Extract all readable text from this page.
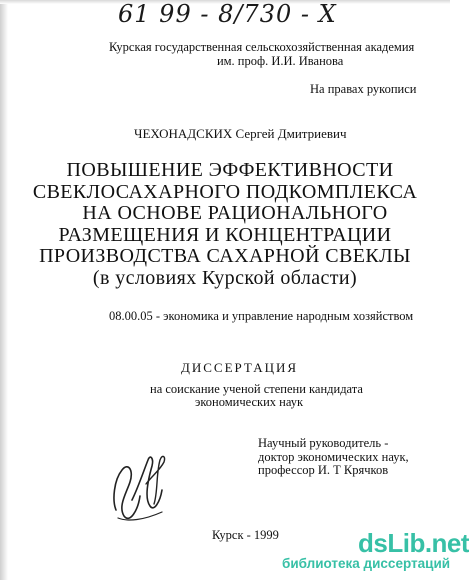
61 99 - 8/730 - X
Курская государственная сельскохозяйственная академия
им. проф. И.И. Иванова
На правах рукописи
ЧЕХОНАДСКИХ Сергей Дмитриевич
ПОВЫШЕНИЕ ЭФФЕКТИВНОСТИ
СВЕКЛОСАХАРНОГО ПОДКОМПЛЕКСА
НА ОСНОВЕ РАЦИОНАЛЬНОГО
РАЗМЕЩЕНИЯ И КОНЦЕНТРАЦИИ
ПРОИЗВОДСТВА САХАРНОЙ СВЕКЛЫ
(в условиях Курской области)
08.00.05 - экономика и управление народным хозяйством
ДИССЕРТАЦИЯ
на соискание ученой степени кандидата
экономических наук
Научный руководитель -
доктор экономических наук,
профессор И. Т Крячков
Курск - 1999	dsLib.net
библиотека диссертаций
